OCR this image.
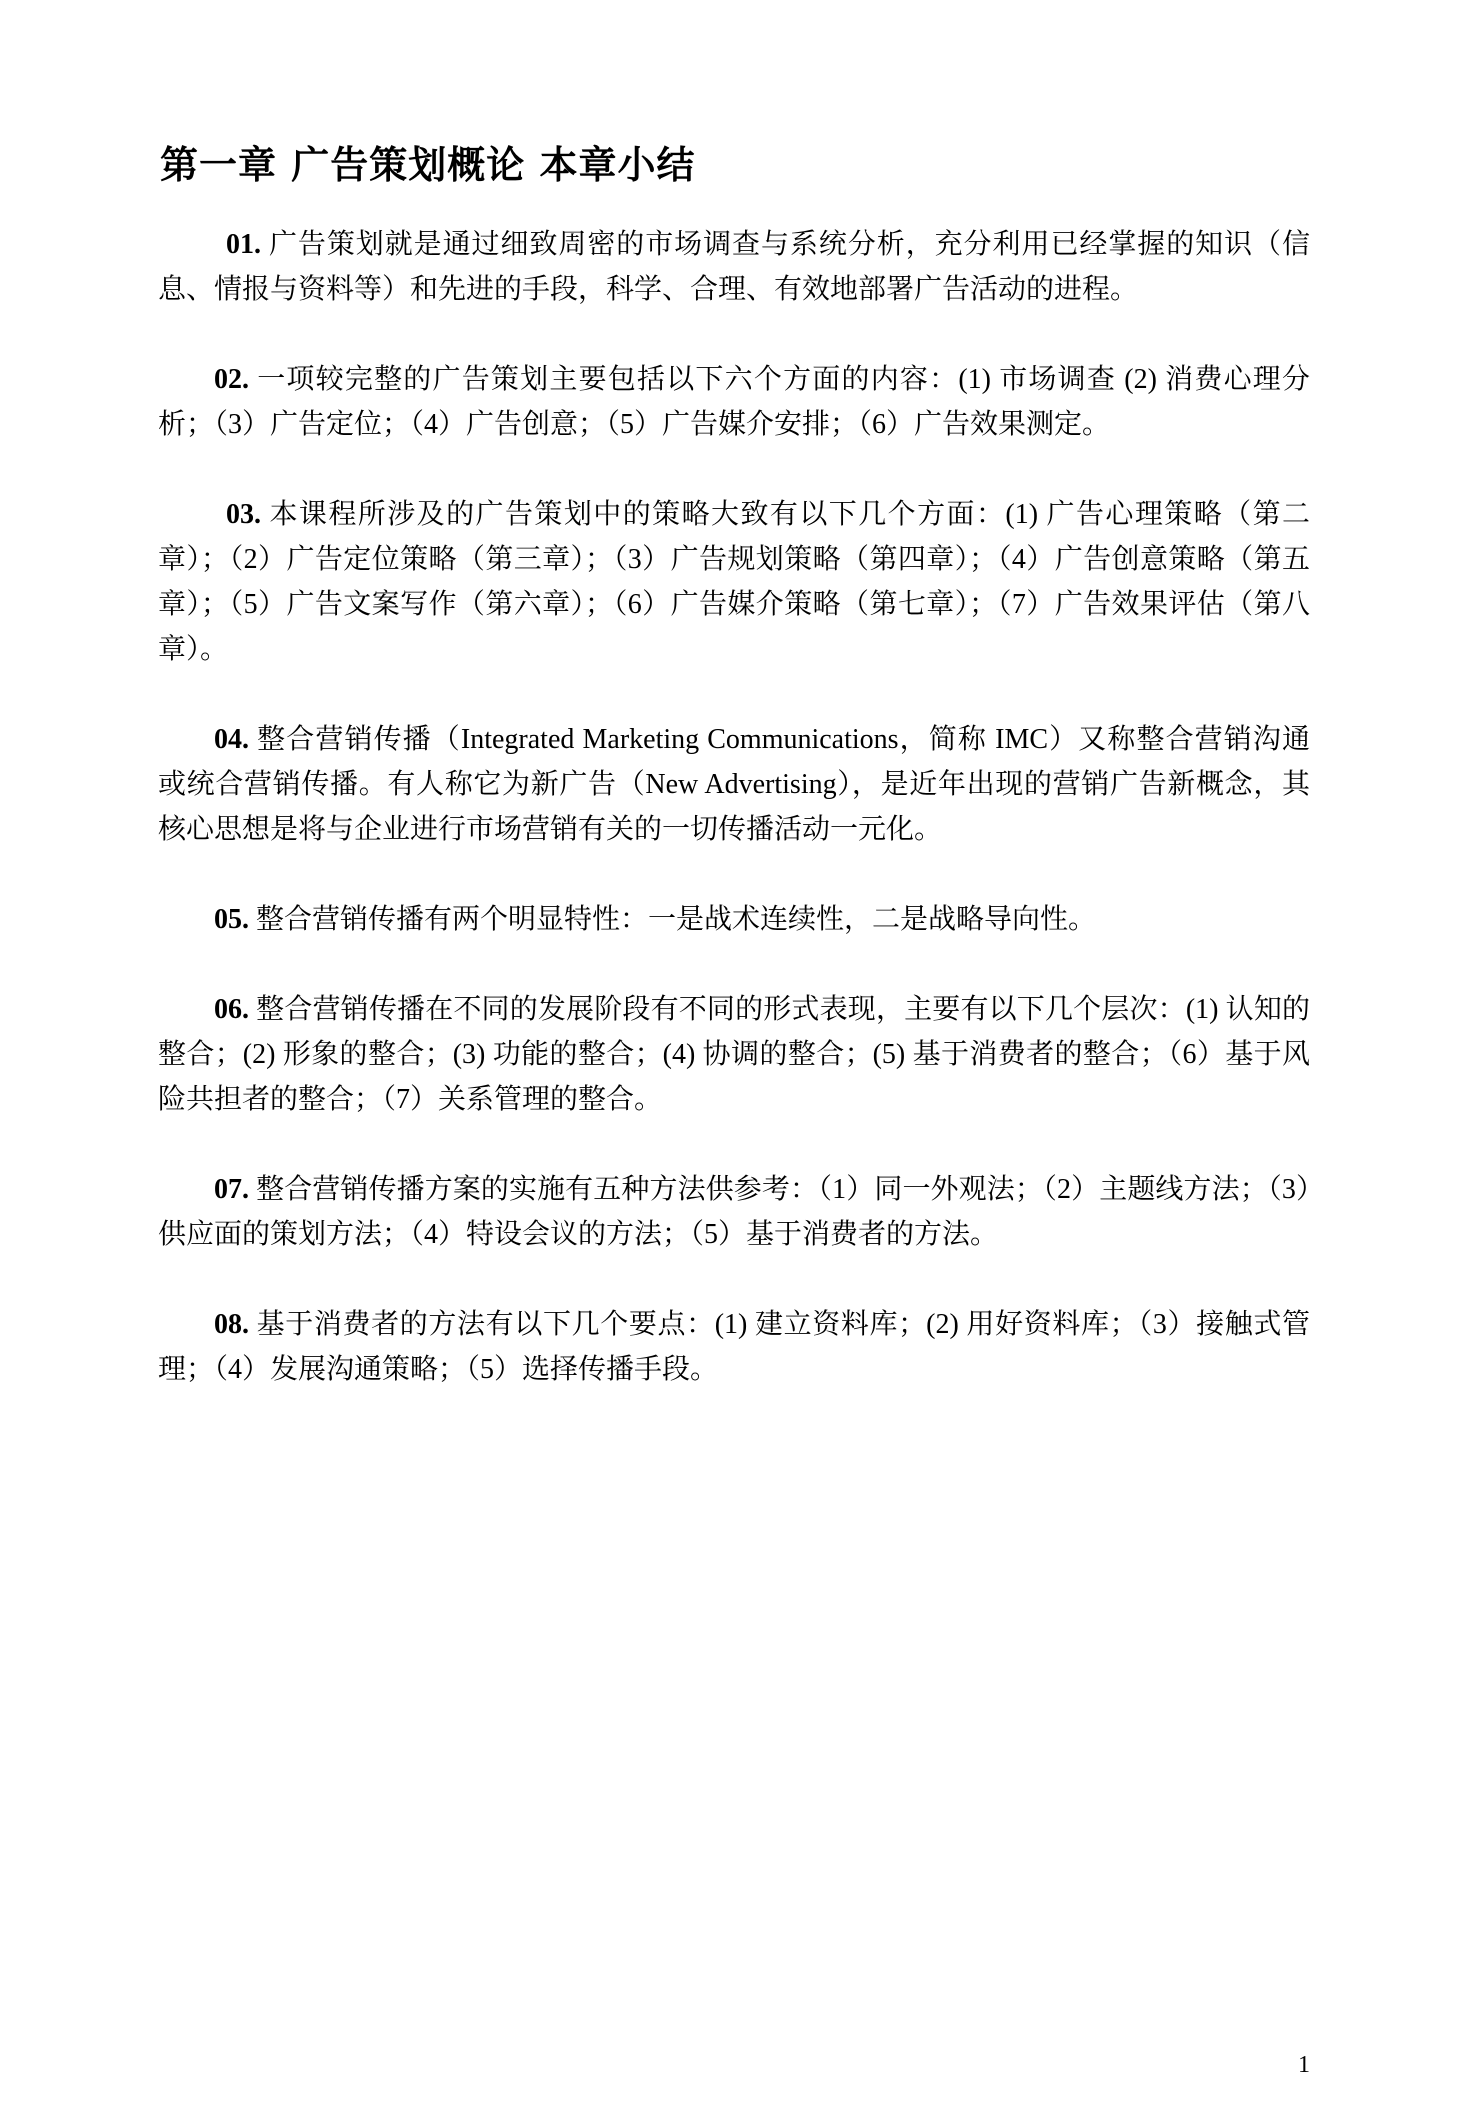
第一章 广告策划概论 本章小结

01. 广告策划就是通过细致周密的市场调查与系统分析，充分利用已经掌握的知识（信息、情报与资料等）和先进的手段，科学、合理、有效地部署广告活动的进程。

02. 一项较完整的广告策划主要包括以下六个方面的内容：(1) 市场调查 (2) 消费心理分析；（3）广告定位；（4）广告创意；（5）广告媒介安排；（6）广告效果测定。

03. 本课程所涉及的广告策划中的策略大致有以下几个方面：(1) 广告心理策略（第二章）；（2）广告定位策略（第三章）；（3）广告规划策略（第四章）；（4）广告创意策略（第五章）；（5）广告文案写作（第六章）；（6）广告媒介策略（第七章）；（7）广告效果评估（第八章）。

04. 整合营销传播（Integrated Marketing Communications，简称 IMC）又称整合营销沟通或统合营销传播。有人称它为新广告（New Advertising），是近年出现的营销广告新概念，其核心思想是将与企业进行市场营销有关的一切传播活动一元化。

05. 整合营销传播有两个明显特性：一是战术连续性，二是战略导向性。

06. 整合营销传播在不同的发展阶段有不同的形式表现，主要有以下几个层次：(1) 认知的整合；(2) 形象的整合；(3) 功能的整合；(4) 协调的整合；(5) 基于消费者的整合；（6）基于风险共担者的整合；（7）关系管理的整合。

07. 整合营销传播方案的实施有五种方法供参考：（1）同一外观法；（2）主题线方法；（3）供应面的策划方法；（4）特设会议的方法；（5）基于消费者的方法。

08. 基于消费者的方法有以下几个要点：(1) 建立资料库；(2) 用好资料库；（3）接触式管理；（4）发展沟通策略；（5）选择传播手段。

1
